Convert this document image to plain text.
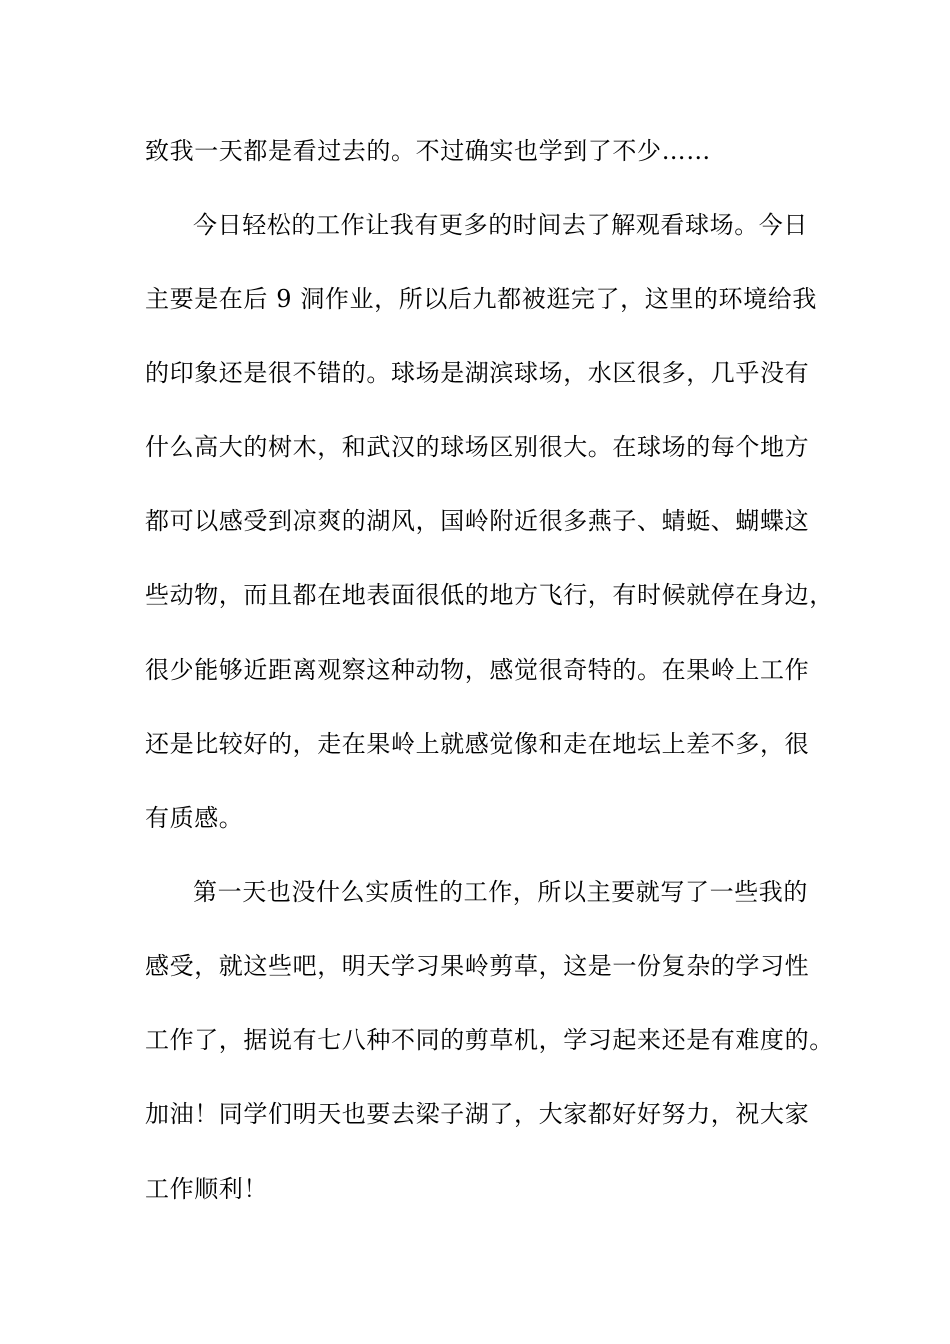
致我一天都是看过去的。不过确实也学到了不少……
今日轻松的工作让我有更多的时间去了解观看球场。今日
主要是在后 9 洞作业，所以后九都被逛完了，这里的环境给我
的印象还是很不错的。球场是湖滨球场，水区很多，几乎没有
什么高大的树木，和武汉的球场区别很大。在球场的每个地方
都可以感受到凉爽的湖风，国岭附近很多燕子、蜻蜓、蝴蝶这
些动物，而且都在地表面很低的地方飞行，有时候就停在身边，
很少能够近距离观察这种动物，感觉很奇特的。在果岭上工作
还是比较好的，走在果岭上就感觉像和走在地坛上差不多，很
有质感。
第一天也没什么实质性的工作，所以主要就写了一些我的
感受，就这些吧，明天学习果岭剪草，这是一份复杂的学习性
工作了，据说有七八种不同的剪草机，学习起来还是有难度的。
加油！同学们明天也要去梁子湖了，大家都好好努力，祝大家
工作顺利！
